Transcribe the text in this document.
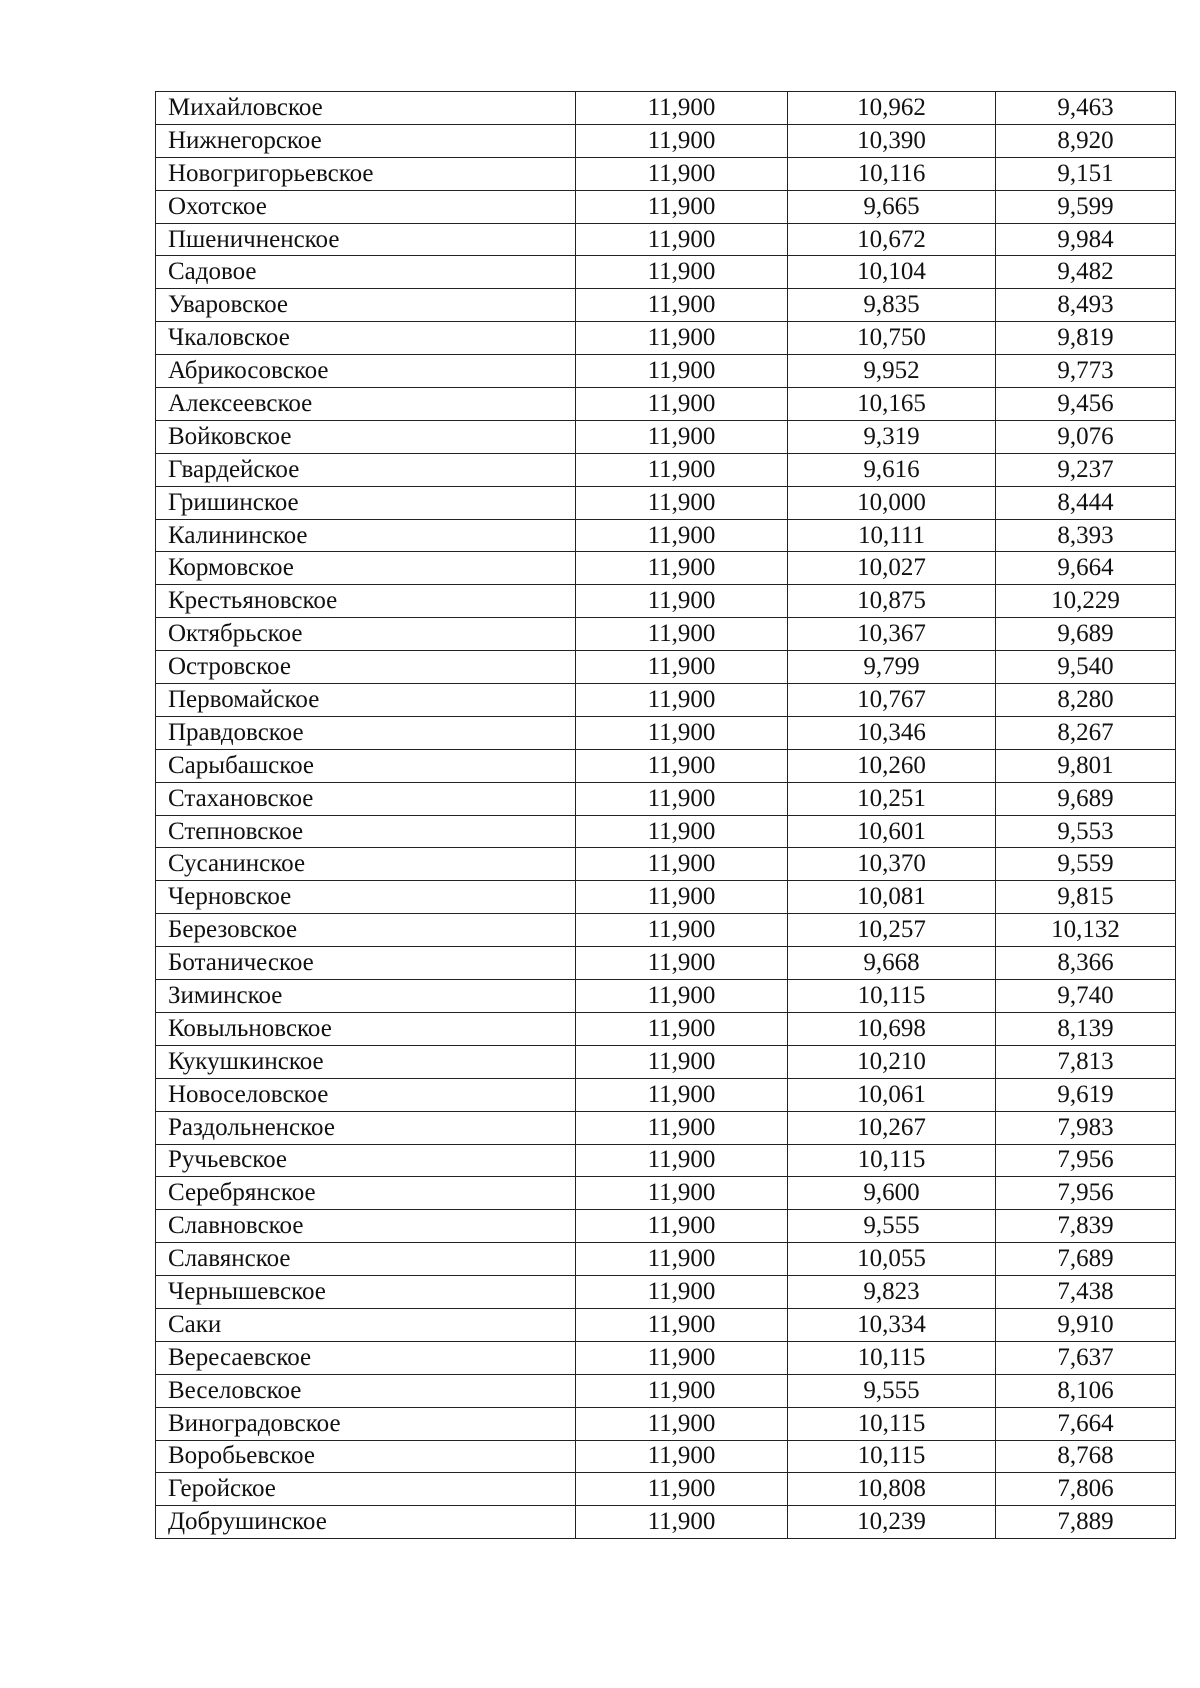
Михайловское	11,900	10,962	9,463
Нижнегорское	11,900	10,390	8,920
Новогригорьевское	11,900	10,116	9,151
Охотское	11,900	9,665	9,599
Пшеничненское	11,900	10,672	9,984
Садовое	11,900	10,104	9,482
Уваровское	11,900	9,835	8,493
Чкаловское	11,900	10,750	9,819
Абрикосовское	11,900	9,952	9,773
Алексеевское	11,900	10,165	9,456
Войковское	11,900	9,319	9,076
Гвардейское	11,900	9,616	9,237
Гришинское	11,900	10,000	8,444
Калининское	11,900	10,111	8,393
Кормовское	11,900	10,027	9,664
Крестьяновское	11,900	10,875	10,229
Октябрьское	11,900	10,367	9,689
Островское	11,900	9,799	9,540
Первомайское	11,900	10,767	8,280
Правдовское	11,900	10,346	8,267
Сарыбашское	11,900	10,260	9,801
Стахановское	11,900	10,251	9,689
Степновское	11,900	10,601	9,553
Сусанинское	11,900	10,370	9,559
Черновское	11,900	10,081	9,815
Березовское	11,900	10,257	10,132
Ботаническое	11,900	9,668	8,366
Зиминское	11,900	10,115	9,740
Ковыльновское	11,900	10,698	8,139
Кукушкинское	11,900	10,210	7,813
Новоселовское	11,900	10,061	9,619
Раздольненское	11,900	10,267	7,983
Ручьевское	11,900	10,115	7,956
Серебрянское	11,900	9,600	7,956
Славновское	11,900	9,555	7,839
Славянское	11,900	10,055	7,689
Чернышевское	11,900	9,823	7,438
Саки	11,900	10,334	9,910
Вересаевское	11,900	10,115	7,637
Веселовское	11,900	9,555	8,106
Виноградовское	11,900	10,115	7,664
Воробьевское	11,900	10,115	8,768
Геройское	11,900	10,808	7,806
Добрушинское	11,900	10,239	7,889
